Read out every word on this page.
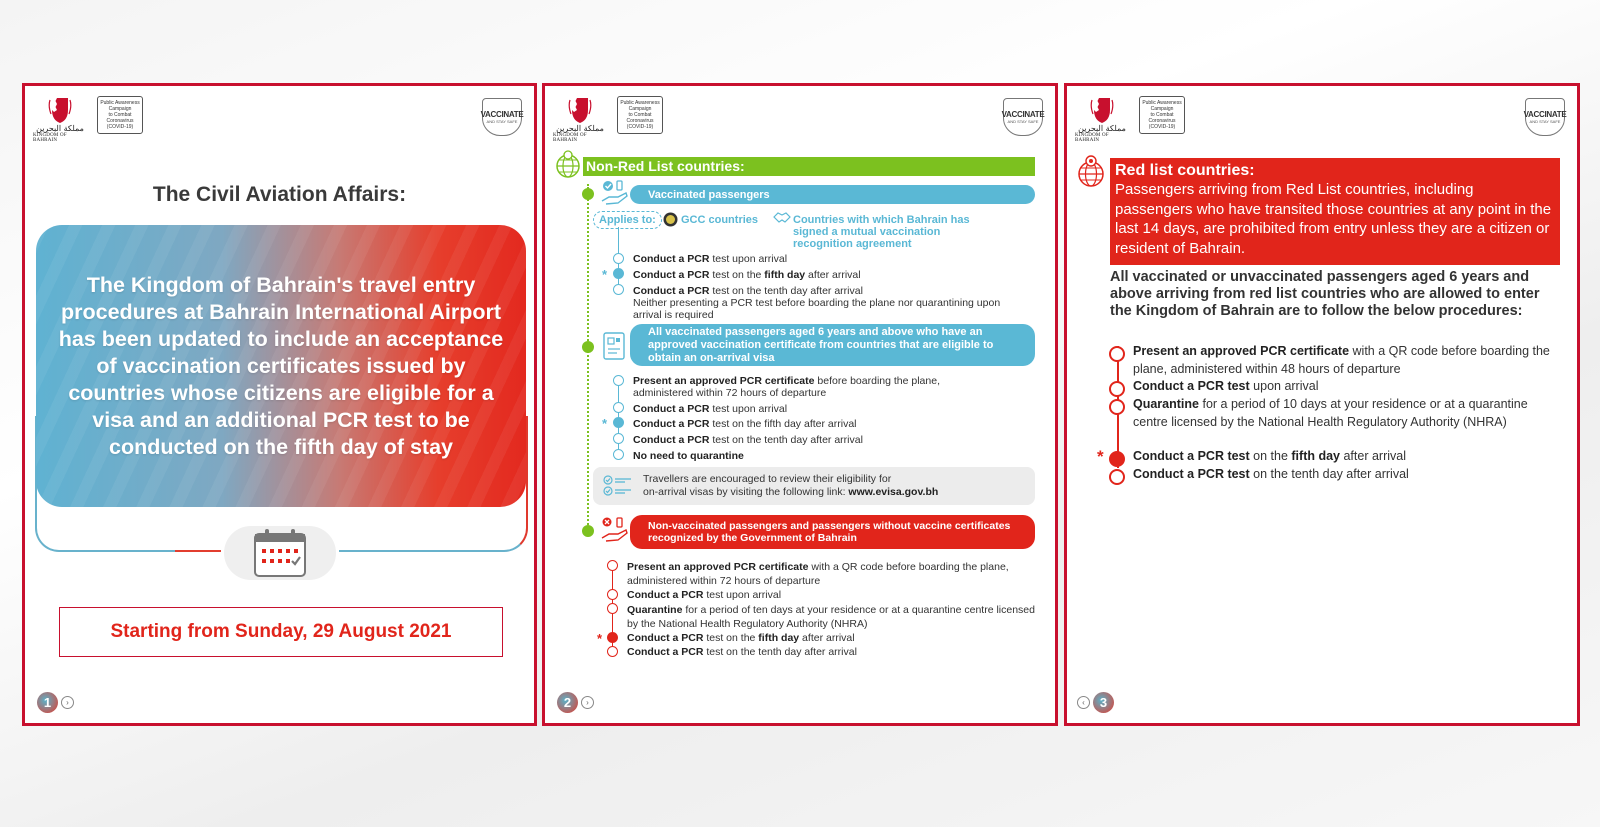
مملكة البحرين
KINGDOM OF BAHRAIN
Public Awareness
Campaign
to Combat
Coronavirus
(COVID-19)
VACCINATE
AND STAY SAFE
The Civil Aviation Affairs:

The Kingdom of Bahrain's travel entry procedures at Bahrain International Airport has been updated to include an acceptance of vaccination certificates issued by countries whose citizens are eligible for a visa and an additional PCR test to be conducted on the fifth day of stay

Starting from Sunday, 29 August 2021
1	›
مملكة البحرين
KINGDOM OF BAHRAIN
Public Awareness
Campaign
to Combat
Coronavirus
(COVID-19)
VACCINATE
AND STAY SAFE
Non-Red List countries:
Vaccinated passengers
Applies to:	GCC countries	Countries with which Bahrain has signed a mutual vaccination recognition agreement
Conduct a PCR test upon arrival
* Conduct a PCR test on the fifth day after arrival
Conduct a PCR test on the tenth day after arrival
Neither presenting a PCR test before boarding the plane nor quarantining upon arrival is required
All vaccinated passengers aged 6 years and above who have an approved vaccination certificate from countries that are eligible to obtain an on-arrival visa
Present an approved PCR certificate before boarding the plane, administered within 72 hours of departure
Conduct a PCR test upon arrival
* Conduct a PCR test on the fifth day after arrival
Conduct a PCR test on the tenth day after arrival
No need to quarantine
Travellers are encouraged to review their eligibility for
on-arrival visas by visiting the following link: www.evisa.gov.bh
Non-vaccinated passengers and passengers without vaccine certificates recognized by the Government of Bahrain
Present an approved PCR certificate with a QR code before boarding the plane, administered within 72 hours of departure
Conduct a PCR test upon arrival
Quarantine for a period of ten days at your residence or at a quarantine centre licensed by the National Health Regulatory Authority (NHRA)
* Conduct a PCR test on the fifth day after arrival
Conduct a PCR test on the tenth day after arrival
2	›
مملكة البحرين
KINGDOM OF BAHRAIN
Public Awareness
Campaign
to Combat
Coronavirus
(COVID-19)
VACCINATE
AND STAY SAFE
Red list countries:
Passengers arriving from Red List countries, including passengers who have transited those countries at any point in the last 14 days, are prohibited from entry unless they are a citizen or resident of Bahrain.
All vaccinated or unvaccinated passengers aged 6 years and above arriving from red list countries who are allowed to enter the Kingdom of Bahrain are to follow the below procedures:
Present an approved PCR certificate with a QR code before boarding the plane, administered within 48 hours of departure
Conduct a PCR test upon arrival
Quarantine for a period of 10 days at your residence or at a quarantine centre licensed by the National Health Regulatory Authority (NHRA)
* Conduct a PCR test on the fifth day after arrival
Conduct a PCR test on the tenth day after arrival
‹	3
